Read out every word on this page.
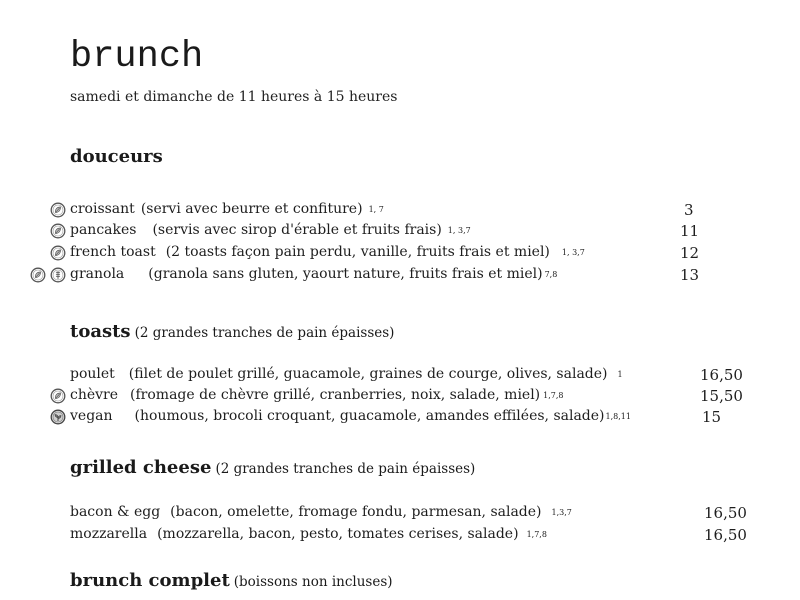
brunch
samedi et dimanche de 11 heures à 15 heures
douceurs
croissant (servi avec beurre et confiture) 1, 7	3
pancakes (servis avec sirop d'érable et fruits frais) 1, 3,7	11
french toast (2 toasts façon pain perdu, vanille, fruits frais et miel) 1, 3,7	12
granola (granola sans gluten, yaourt nature, fruits frais et miel) 7,8	13
toasts (2 grandes tranches de pain épaisses)
poulet (filet de poulet grillé, guacamole, graines de courge, olives, salade) 1	16,50
chèvre (fromage de chèvre grillé, cranberries, noix, salade, miel) 1,7,8	15,50
vegan (houmous, brocoli croquant, guacamole, amandes effilées, salade)1,8,11	15
grilled cheese (2 grandes tranches de pain épaisses)
bacon & egg (bacon, omelette, fromage fondu, parmesan, salade) 1,3,7	16,50
mozzarella (mozzarella, bacon, pesto, tomates cerises, salade) 1,7,8	16,50
brunch complet (boissons non incluses)
